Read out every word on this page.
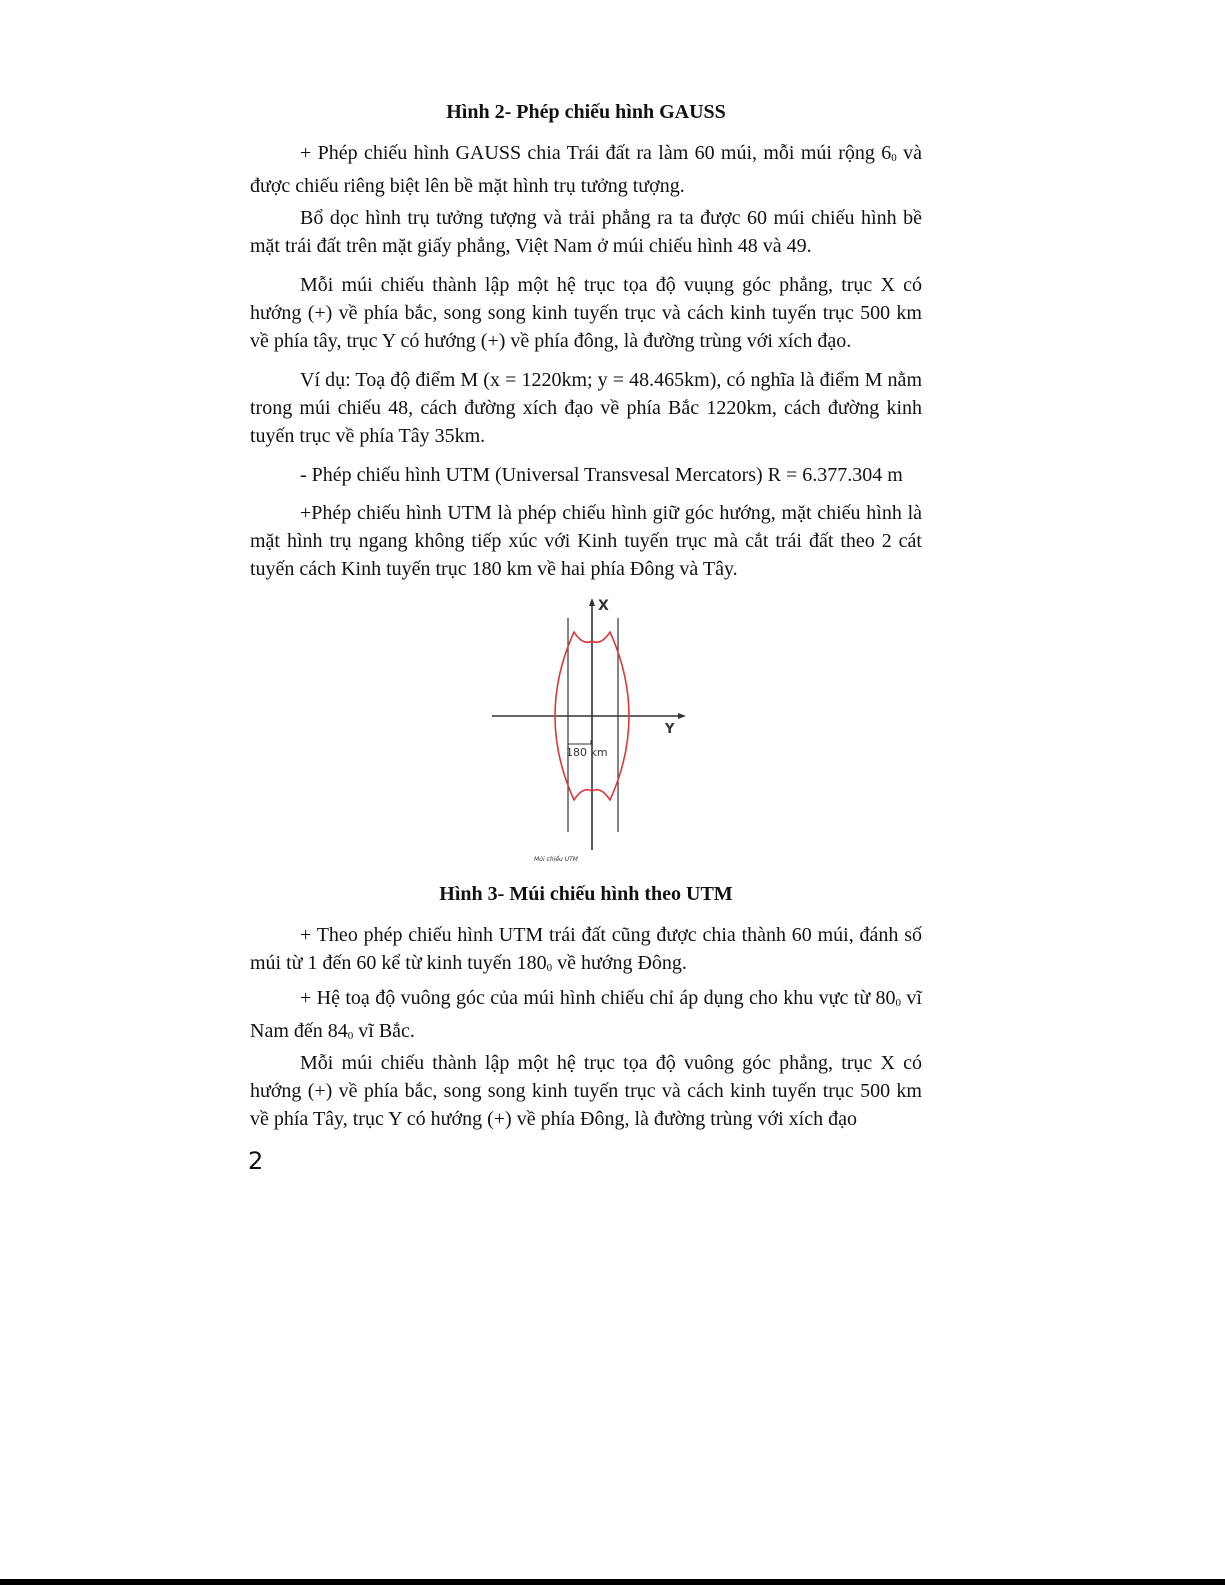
Hình 2- Phép chiếu hình GAUSS

+ Phép chiếu hình GAUSS chia Trái đất ra làm 60 múi, mỗi múi rộng $6_0$ và được chiếu riêng biệt lên bề mặt hình trụ tưởng tượng.

Bổ dọc hình trụ tưởng tượng và trải phẳng ra ta được 60 múi chiếu hình bề mặt trái đất trên mặt giấy phẳng, Việt Nam ở múi chiếu hình 48 và 49.

Mỗi múi chiếu thành lập một hệ trục tọa độ vuụng góc phẳng, trục X có hướng (+) về phía bắc, song song kinh tuyến trục và cách kinh tuyến trục 500 km về phía tây, trục Y có hướng (+) về phía đông, là đường trùng với xích đạo.

Ví dụ: Toạ độ điểm M (x = 1220km; y = 48.465km), có nghĩa là điểm M nằm trong múi chiếu 48, cách đường xích đạo về phía Bắc 1220km, cách đường kinh tuyến trục về phía Tây 35km.

- Phép chiếu hình UTM (Universal Transvesal Mercators) R = 6.377.304 m

+Phép chiếu hình UTM là phép chiếu hình giữ góc hướng, mặt chiếu hình là mặt hình trụ ngang không tiếp xúc với Kinh tuyến trục mà cắt trái đất theo 2 cát tuyến cách Kinh tuyến trục 180 km về hai phía Đông và Tây.

X
Y
180 km
Múi chiếu UTM
Hình 3- Múi chiếu hình theo UTM

+ Theo phép chiếu hình UTM trái đất cũng được chia thành 60 múi, đánh số múi từ 1 đến 60 kể từ kinh tuyến $180_0$ về hướng Đông.

+ Hệ toạ độ vuông góc của múi hình chiếu chỉ áp dụng cho khu vực từ $80_0$ vĩ Nam đến $84_0$ vĩ Bắc.

Mỗi múi chiếu thành lập một hệ trục tọa độ vuông góc phẳng, trục X có hướng (+) về phía bắc, song song kinh tuyến trục và cách kinh tuyến trục 500 km về phía Tây, trục Y có hướng (+) về phía Đông, là đường trùng với xích đạo

2
